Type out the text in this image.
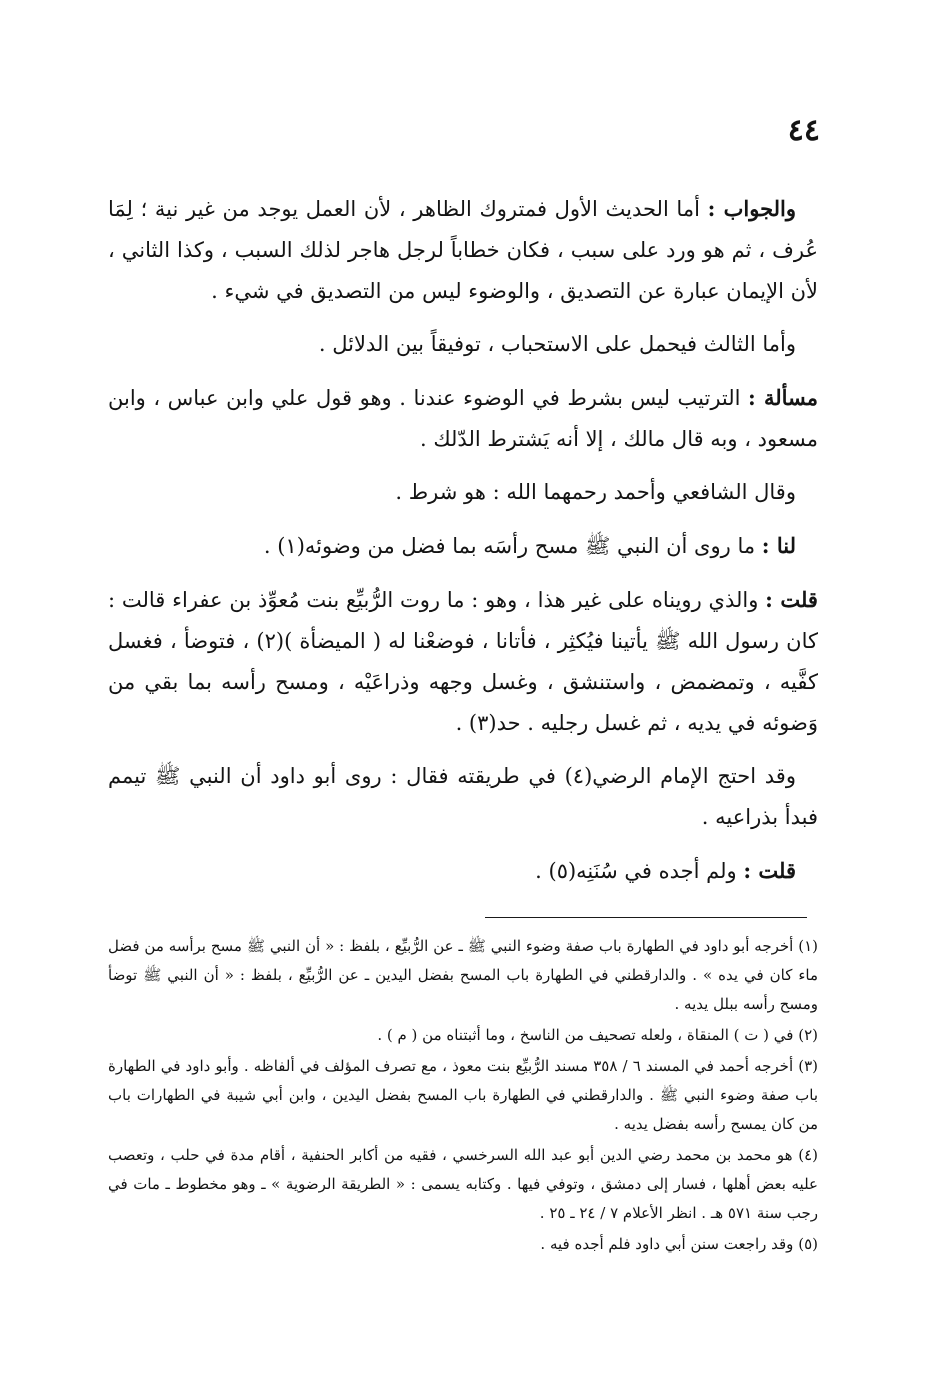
٤٤

والجواب : أما الحديث الأول فمتروك الظاهر ، لأن العمل يوجد من غير نية ؛ لِمَا عُرف ، ثم هو ورد على سبب ، فكان خطاباً لرجل هاجر لذلك السبب ، وكذا الثاني ، لأن الإيمان عبارة عن التصديق ، والوضوء ليس من التصديق في شيء .

وأما الثالث فيحمل على الاستحباب ، توفيقاً بين الدلائل .

مسألة : الترتيب ليس بشرط في الوضوء عندنا . وهو قول علي وابن عباس ، وابن مسعود ، وبه قال مالك ، إلا أنه يَشترط الدّلك .

وقال الشافعي وأحمد رحمهما الله : هو شرط .

لنا : ما روى أن النبي ﷺ مسح رأسَه بما فضل من وضوئه(١) .

قلت : والذي رويناه على غير هذا ، وهو : ما روت الرُّبيِّع بنت مُعوِّذ بن عفراء قالت : كان رسول الله ﷺ يأتينا فيُكثِر ، فأتانا ، فوضعْنا له ( الميضأة )(٢) ، فتوضأ ، فغسل كفَّيه ، وتمضمض ، واستنشق ، وغسل وجهه وذراعَيْه ، ومسح رأسه بما بقي من وَضوئه في يديه ، ثم غسل رجليه . حد(٣) .

وقد احتج الإمام الرضي(٤) في طريقته فقال : روى أبو داود أن النبي ﷺ تيمم فبدأ بذراعيه .

قلت : ولم أجده في سُنَنِه(٥) .

(١) أخرجه أبو داود في الطهارة باب صفة وضوء النبي ﷺ ـ عن الرُّبيِّع ، بلفظ : « أن النبي ﷺ مسح برأسه من فضل ماء كان في يده » . والدارقطني في الطهارة باب المسح بفضل اليدين ـ عن الرُّبيِّع ، بلفظ : « أن النبي ﷺ توضأ ومسح رأسه ببلل يديه .

(٢) في ( ت ) المنقاة ، ولعله تصحيف من الناسخ ، وما أثبتناه من ( م ) .

(٣) أخرجه أحمد في المسند ٦ / ٣٥٨ مسند الرُّبيِّع بنت معوذ ، مع تصرف المؤلف في ألفاظه . وأبو داود في الطهارة باب صفة وضوء النبي ﷺ . والدارقطني في الطهارة باب المسح بفضل اليدين ، وابن أبي شيبة في الطهارات باب من كان يمسح رأسه بفضل يديه .

(٤) هو محمد بن محمد رضي الدين أبو عبد الله السرخسي ، فقيه من أكابر الحنفية ، أقام مدة في حلب ، وتعصب عليه بعض أهلها ، فسار إلى دمشق ، وتوفي فيها . وكتابه يسمى : « الطريقة الرضوية » ـ وهو مخطوط ـ مات في رجب سنة ٥٧١ هـ . انظر الأعلام ٧ / ٢٤ ـ ٢٥ .

(٥) وقد راجعت سنن أبي داود فلم أجده فيه .
